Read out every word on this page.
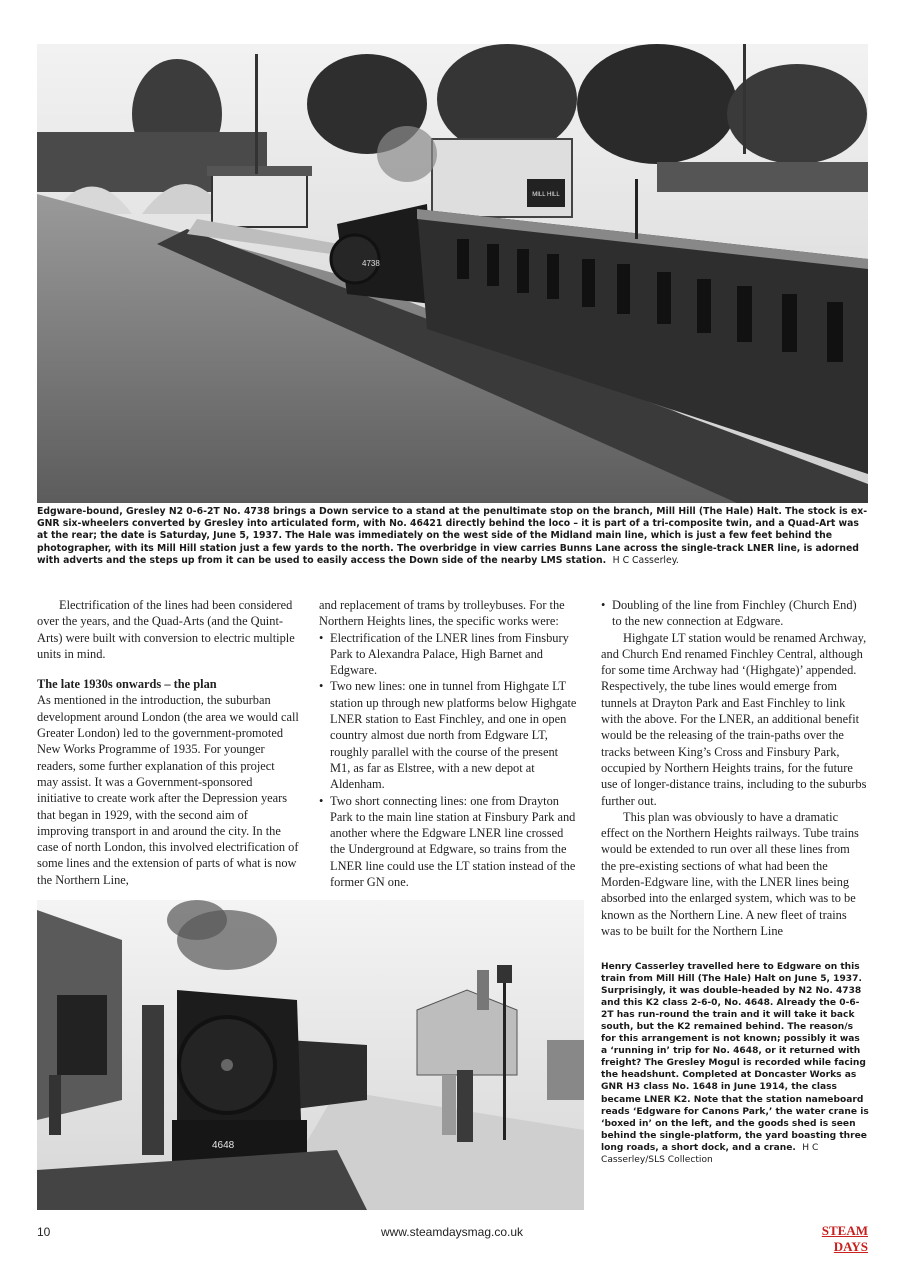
MILL HILL
4738
Edgware-bound, Gresley N2 0-6-2T No. 4738 brings a Down service to a stand at the penultimate stop on the branch, Mill Hill (The Hale) Halt. The stock is ex-GNR six-wheelers converted by Gresley into articulated form, with No. 46421 directly behind the loco – it is part of a tri-composite twin, and a Quad-Art was at the rear; the date is Saturday, June 5, 1937. The Hale was immediately on the west side of the Midland main line, which is just a few feet behind the photographer, with its Mill Hill station just a few yards to the north. The overbridge in view carries Bunns Lane across the single-track LNER line, is adorned with adverts and the steps up from it can be used to easily access the Down side of the nearby LMS station. H C Casserley.

Electrification of the lines had been considered over the years, and the Quad-Arts (and the Quint-Arts) were built with conversion to electric multiple units in mind.

The late 1930s onwards – the plan

As mentioned in the introduction, the suburban development around London (the area we would call Greater London) led to the government-promoted New Works Programme of 1935. For younger readers, some further explanation of this project may assist. It was a Government-sponsored initiative to create work after the Depression years that began in 1929, with the second aim of improving transport in and around the city. In the case of north London, this involved electrification of some lines and the extension of parts of what is now the Northern Line,

and replacement of trams by trolleybuses. For the Northern Heights lines, the specific works were:

• Electrification of the LNER lines from Finsbury Park to Alexandra Palace, High Barnet and Edgware.
• Two new lines: one in tunnel from Highgate LT station up through new platforms below Highgate LNER station to East Finchley, and one in open country almost due north from Edgware LT, roughly parallel with the course of the present M1, as far as Elstree, with a new depot at Aldenham.
• Two short connecting lines: one from Drayton Park to the main line station at Finsbury Park and another where the Edgware LNER line crossed the Underground at Edgware, so trains from the LNER line could use the LT station instead of the former GN one.
• Doubling of the line from Finchley (Church End) to the new connection at Edgware.

Highgate LT station would be renamed Archway, and Church End renamed Finchley Central, although for some time Archway had ‘(Highgate)’ appended. Respectively, the tube lines would emerge from tunnels at Drayton Park and East Finchley to link with the above. For the LNER, an additional benefit would be the releasing of the train-paths over the tracks between King’s Cross and Finsbury Park, occupied by Northern Heights trains, for the future use of longer-distance trains, including to the suburbs further out.

This plan was obviously to have a dramatic effect on the Northern Heights railways. Tube trains would be extended to run over all these lines from the pre-existing sections of what had been the Morden-Edgware line, with the LNER lines being absorbed into the enlarged system, which was to be known as the Northern Line. A new fleet of trains was to be built for the Northern Line

4648
Henry Casserley travelled here to Edgware on this train from Mill Hill (The Hale) Halt on June 5, 1937. Surprisingly, it was double-headed by N2 No. 4738 and this K2 class 2-6-0, No. 4648. Already the 0-6-2T has run-round the train and it will take it back south, but the K2 remained behind. The reason/s for this arrangement is not known; possibly it was a ‘running in’ trip for No. 4648, or it returned with freight? The Gresley Mogul is recorded while facing the headshunt. Completed at Doncaster Works as GNR H3 class No. 1648 in June 1914, the class became LNER K2. Note that the station nameboard reads ‘Edgware for Canons Park,’ the water crane is ‘boxed in’ on the left, and the goods shed is seen behind the single-platform, the yard boasting three long roads, a short dock, and a crane. H C Casserley/SLS Collection
10	www.steamdaysmag.co.uk	STEAM DAYS
